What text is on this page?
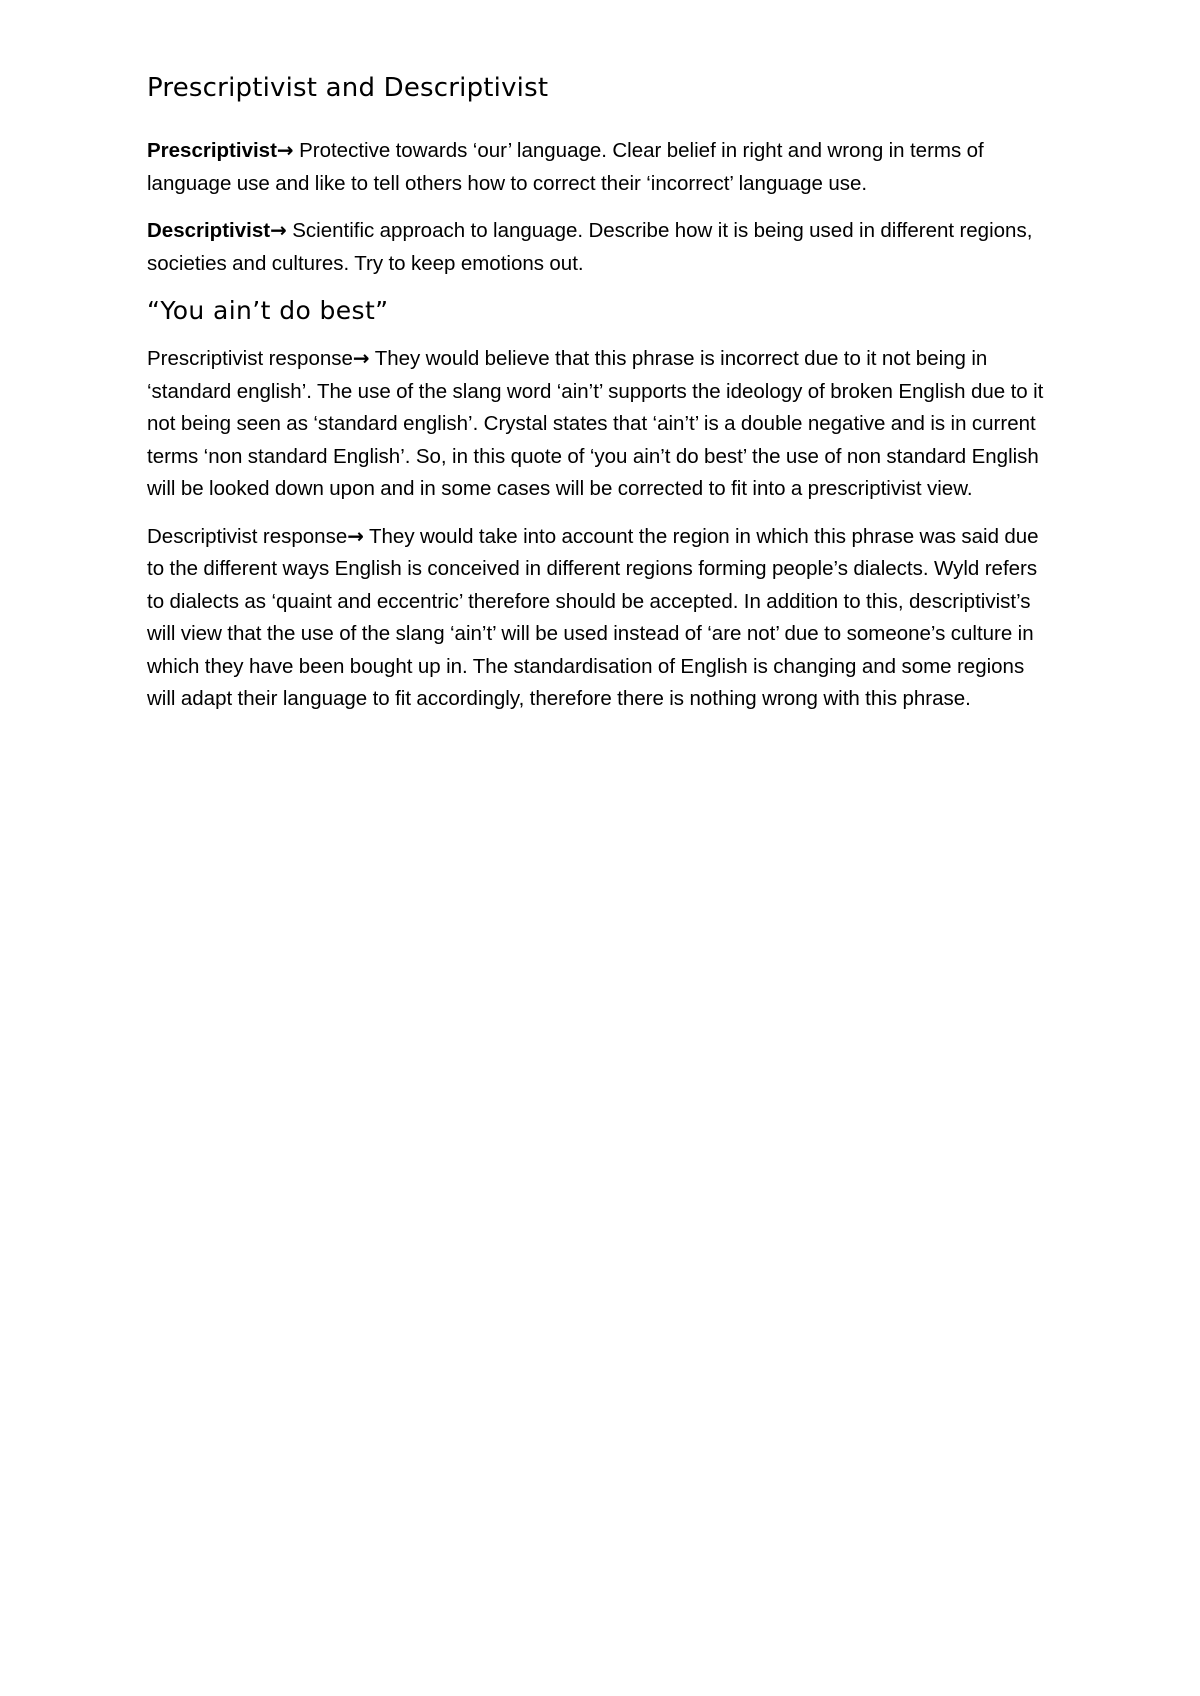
Prescriptivist and Descriptivist

Prescriptivist→ Protective towards ‘our’ language. Clear belief in right and wrong in terms of language use and like to tell others how to correct their ‘incorrect’ language use.

Descriptivist→ Scientific approach to language. Describe how it is being used in different regions, societies and cultures. Try to keep emotions out.

“You ain’t do best”

Prescriptivist response→ They would believe that this phrase is incorrect due to it not being in ‘standard english’. The use of the slang word ‘ain’t’ supports the ideology of broken English due to it not being seen as ‘standard english’. Crystal states that ‘ain’t’ is a double negative and is in current terms ‘non standard English’. So, in this quote of ‘you ain’t do best’ the use of non standard English will be looked down upon and in some cases will be corrected to fit into a prescriptivist view.

Descriptivist response→ They would take into account the region in which this phrase was said due to the different ways English is conceived in different regions forming people’s dialects. Wyld refers to dialects as ‘quaint and eccentric’ therefore should be accepted. In addition to this, descriptivist’s will view that the use of the slang ‘ain’t’ will be used instead of ‘are not’ due to someone’s culture in which they have been bought up in. The standardisation of English is changing and some regions will adapt their language to fit accordingly, therefore there is nothing wrong with this phrase.
